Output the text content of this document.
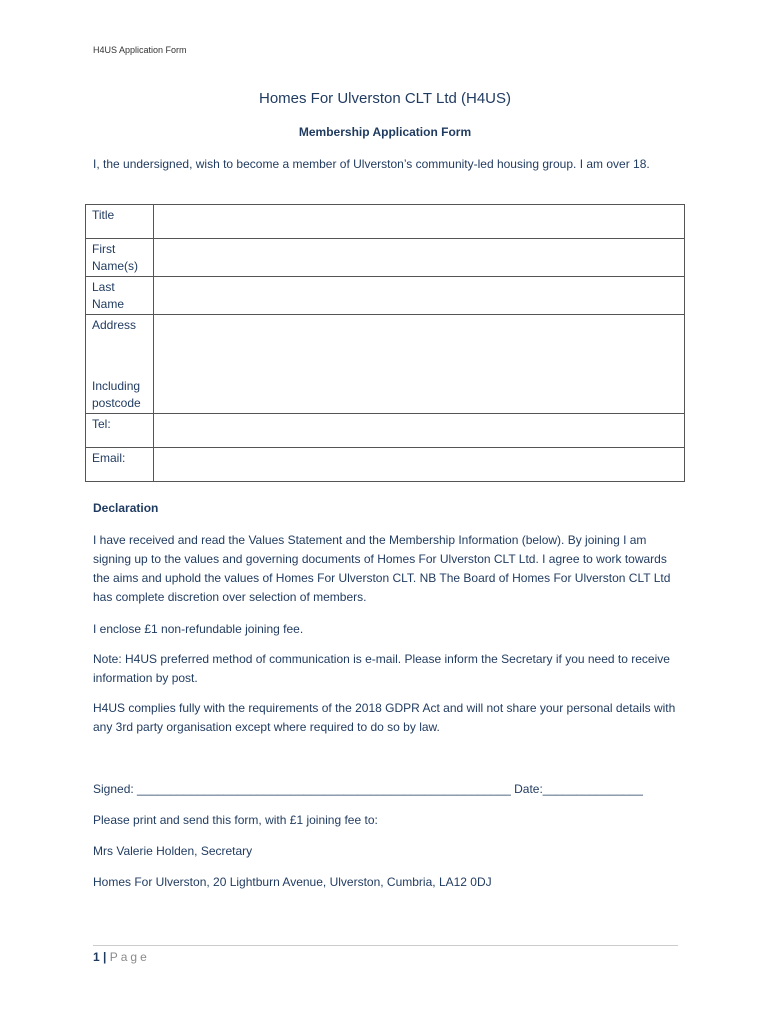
H4US Application Form
Homes For Ulverston CLT Ltd (H4US)
Membership Application Form
I, the undersigned, wish to become a member of Ulverston’s community-led housing group. I am over 18.
Title	
First Name(s)	
Last Name	

Address
Including postcode	

Tel:	
Email:	
Declaration
I have received and read the Values Statement and the Membership Information (below). By joining I am signing up to the values and governing documents of Homes For Ulverston CLT Ltd. I agree to work towards the aims and uphold the values of Homes For Ulverston CLT. NB The Board of Homes For Ulverston CLT Ltd has complete discretion over selection of members.
I enclose £1 non-refundable joining fee.
Note: H4US preferred method of communication is e-mail. Please inform the Secretary if you need to receive information by post.
H4US complies fully with the requirements of the 2018 GDPR Act and will not share your personal details with any 3rd party organisation except where required to do so by law.
Signed: ________________________________________________________ Date:_______________
Please print and send this form, with £1 joining fee to:
Mrs Valerie Holden, Secretary
Homes For Ulverston, 20 Lightburn Avenue, Ulverston, Cumbria, LA12 0DJ
1 | Page
